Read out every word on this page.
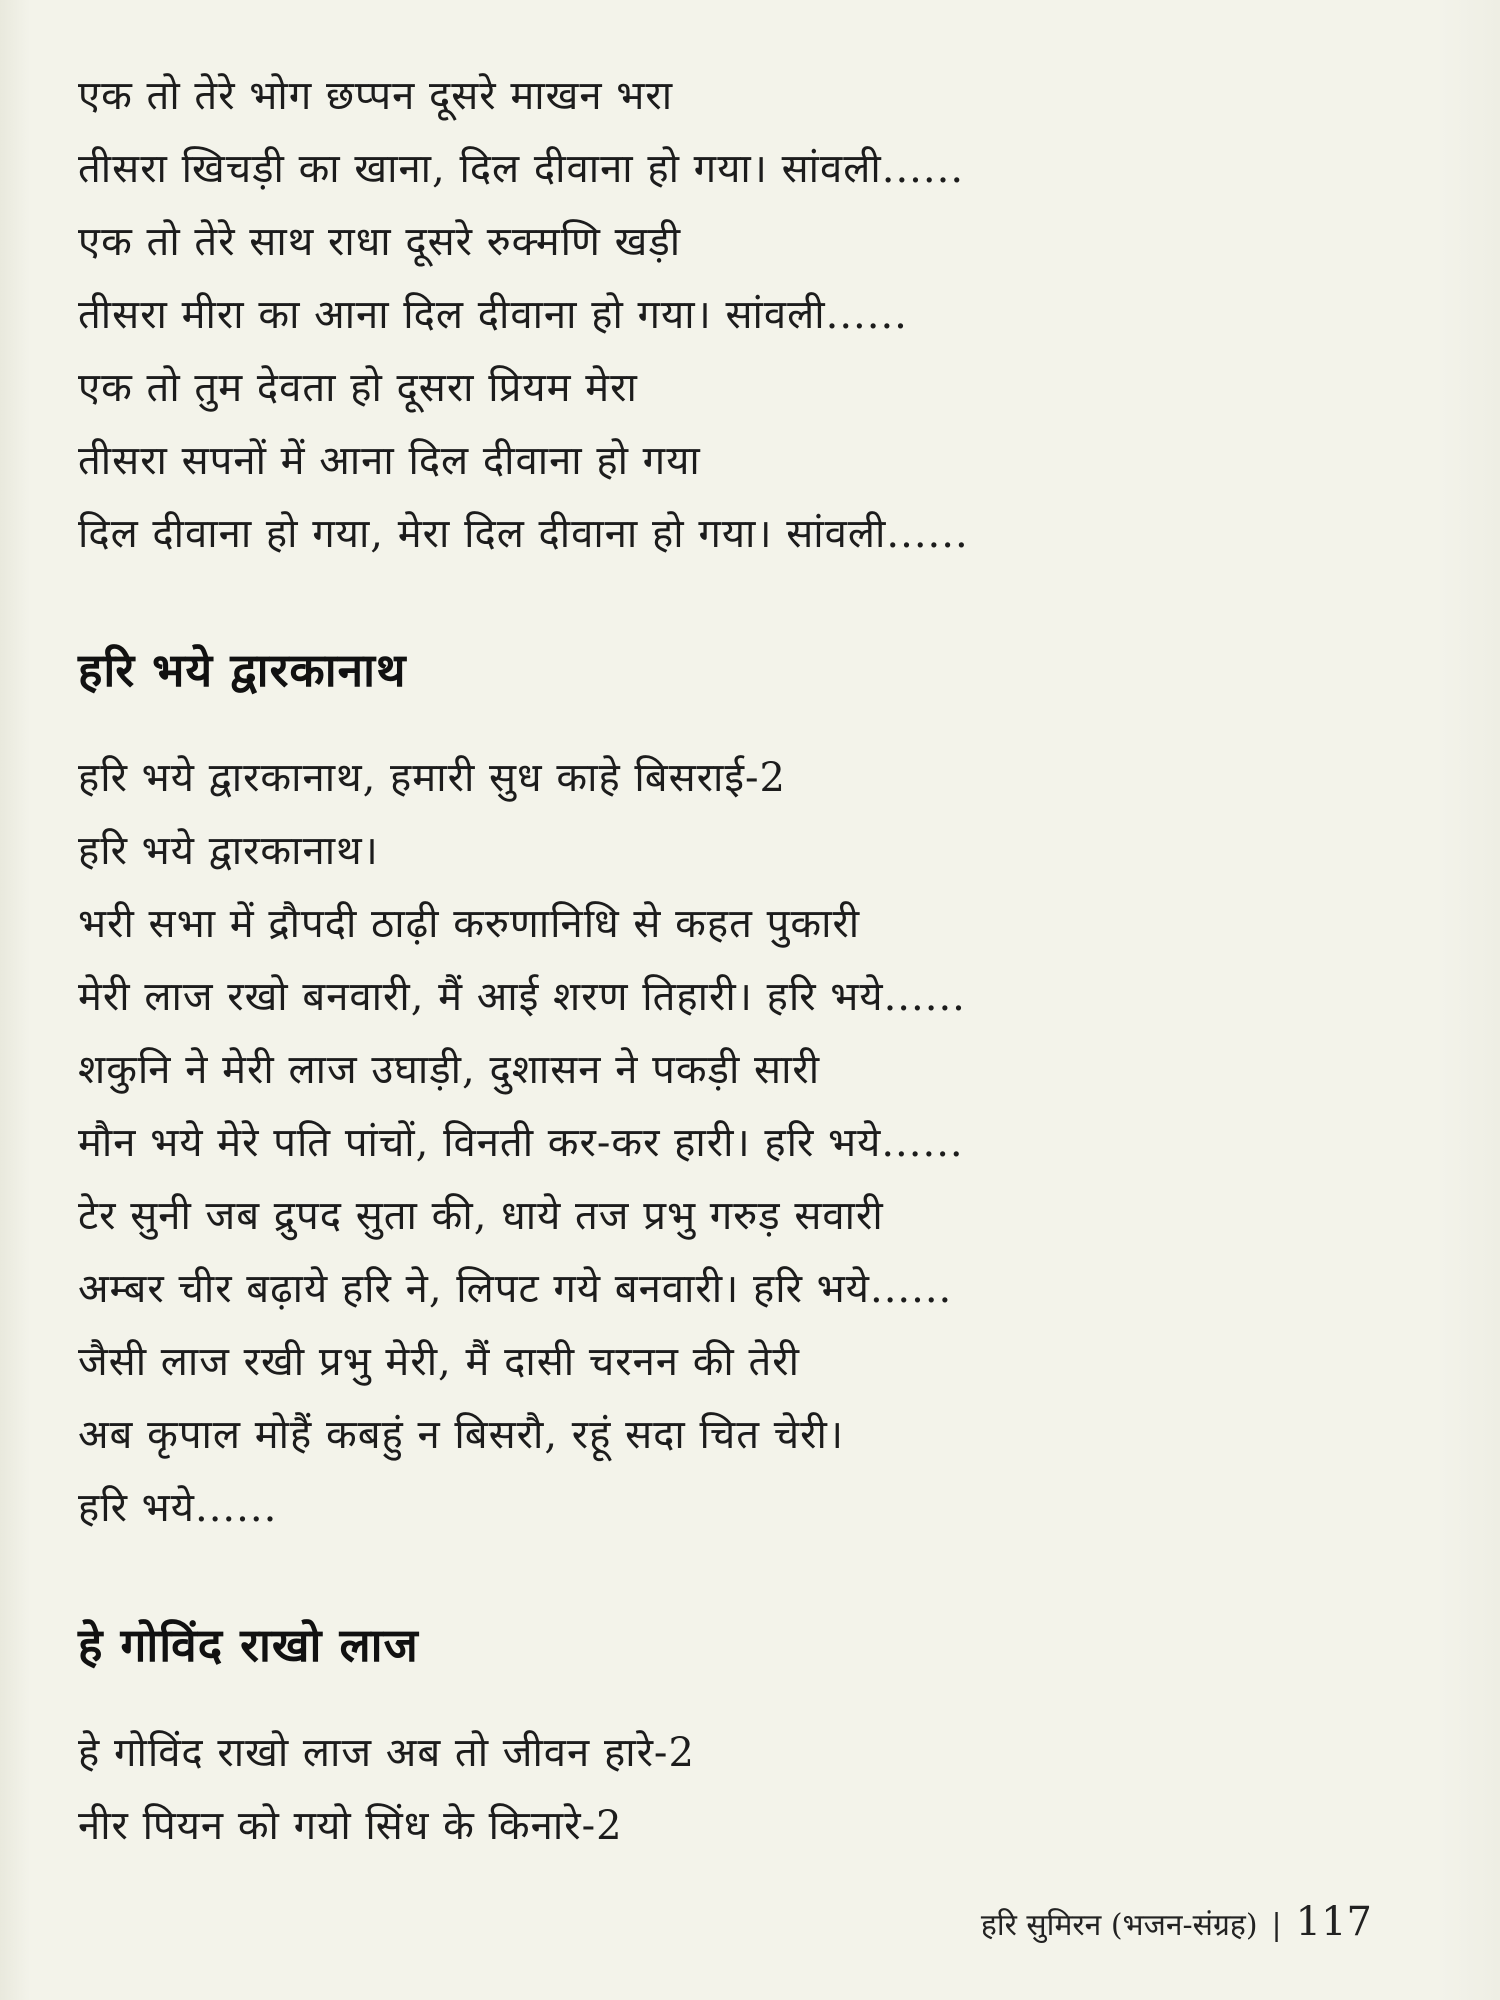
एक तो तेरे भोग छप्पन दूसरे माखन भरा
तीसरा खिचड़ी का खाना, दिल दीवाना हो गया। सांवली......
एक तो तेरे साथ राधा दूसरे रुक्मणि खड़ी
तीसरा मीरा का आना दिल दीवाना हो गया। सांवली......
एक तो तुम देवता हो दूसरा प्रियम मेरा
तीसरा सपनों में आना दिल दीवाना हो गया
दिल दीवाना हो गया, मेरा दिल दीवाना हो गया। सांवली......
हरि भये द्वारकानाथ
हरि भये द्वारकानाथ, हमारी सुध काहे बिसराई-2
हरि भये द्वारकानाथ।
भरी सभा में द्रौपदी ठाढ़ी करुणानिधि से कहत पुकारी
मेरी लाज रखो बनवारी, मैं आई शरण तिहारी। हरि भये......
शकुनि ने मेरी लाज उघाड़ी, दुशासन ने पकड़ी सारी
मौन भये मेरे पति पांचों, विनती कर-कर हारी। हरि भये......
टेर सुनी जब द्रुपद सुता की, धाये तज प्रभु गरुड़ सवारी
अम्बर चीर बढ़ाये हरि ने, लिपट गये बनवारी। हरि भये......
जैसी लाज रखी प्रभु मेरी, मैं दासी चरनन की तेरी
अब कृपाल मोहैं कबहुं न बिसरौ, रहूं सदा चित चेरी।
हरि भये......
हे गोविंद राखो लाज
हे गोविंद राखो लाज अब तो जीवन हारे-2
नीर पियन को गयो सिंध के किनारे-2
हरि सुमिरन (भजन-संग्रह) | 117
